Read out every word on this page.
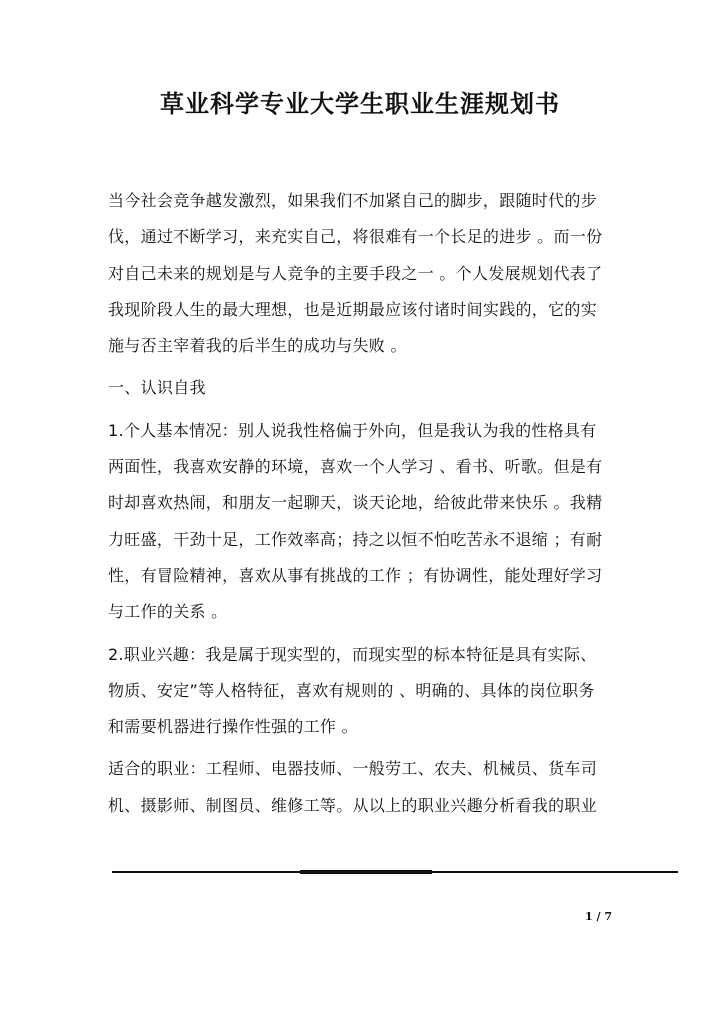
草业科学专业大学生职业生涯规划书

当今社会竞争越发激烈，如果我们不加紧自己的脚步，跟随时代的步
伐，通过不断学习，来充实自己，将很难有一个长足的进步 。而一份
对自己未来的规划是与人竞争的主要手段之一 。个人发展规划代表了
我现阶段人生的最大理想，也是近期最应该付诸时间实践的，它的实
施与否主宰着我的后半生的成功与失败 。

一、认识自我

1.个人基本情况：别人说我性格偏于外向，但是我认为我的性格具有
两面性，我喜欢安静的环境，喜欢一个人学习 、看书、听歌。但是有
时却喜欢热闹，和朋友一起聊天，谈天论地，给彼此带来快乐 。我精
力旺盛，干劲十足，工作效率高；持之以恒不怕吃苦永不退缩 ；有耐
性，有冒险精神，喜欢从事有挑战的工作 ；有协调性，能处理好学习
与工作的关系 。

2.职业兴趣：我是属于现实型的，而现实型的标本特征是具有实际、
物质、安定”等人格特征，喜欢有规则的 、明确的、具体的岗位职务
和需要机器进行操作性强的工作 。

适合的职业：工程师、电器技师、一般劳工、农夫、机械员、货车司
机、摄影师、制图员、维修工等。从以上的职业兴趣分析看我的职业

1 / 7
